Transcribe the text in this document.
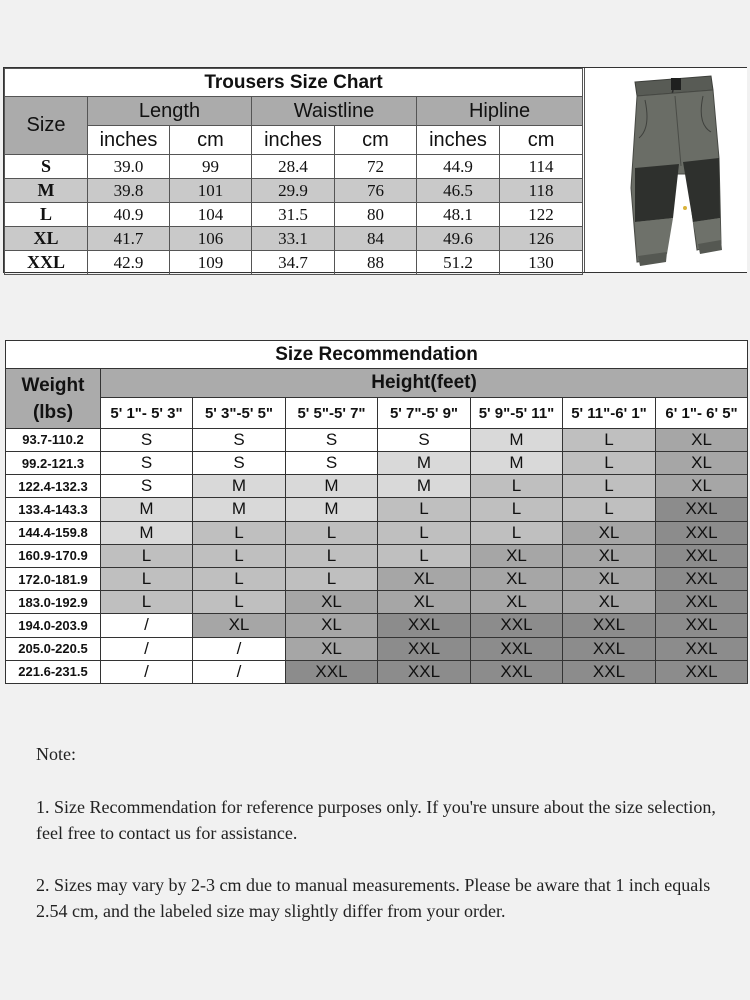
Trousers Size Chart						
Size	Length		Waistline		Hipline	
	inches	cm	inches	cm	inches	cm
S	39.0	99	28.4	72	44.9	114
M	39.8	101	29.9	76	46.5	118
L	40.9	104	31.5	80	48.1	122
XL	41.7	106	33.1	84	49.6	126
XXL	42.9	109	34.7	88	51.2	130
Size Recommendation							
Weight
(lbs)	Height(feet)						
	5' 1"- 5' 3"	5' 3"-5' 5"	5' 5"-5' 7"	5' 7"-5' 9"	5' 9"-5' 11"	5' 11"-6' 1"	6' 1"- 6' 5"
93.7-110.2	S	S	S	S	M	L	XL
99.2-121.3	S	S	S	M	M	L	XL
122.4-132.3	S	M	M	M	L	L	XL
133.4-143.3	M	M	M	L	L	L	XXL
144.4-159.8	M	L	L	L	L	XL	XXL
160.9-170.9	L	L	L	L	XL	XL	XXL
172.0-181.9	L	L	L	XL	XL	XL	XXL
183.0-192.9	L	L	XL	XL	XL	XL	XXL
194.0-203.9	/	XL	XL	XXL	XXL	XXL	XXL
205.0-220.5	/	/	XL	XXL	XXL	XXL	XXL
221.6-231.5	/	/	XXL	XXL	XXL	XXL	XXL

Note:

1. Size Recommendation for reference purposes only. If you're unsure about the size selection, feel free to contact us for assistance.

2. Sizes may vary by 2-3 cm due to manual measurements. Please be aware that 1 inch equals 2.54 cm, and the labeled size may slightly differ from your order.
